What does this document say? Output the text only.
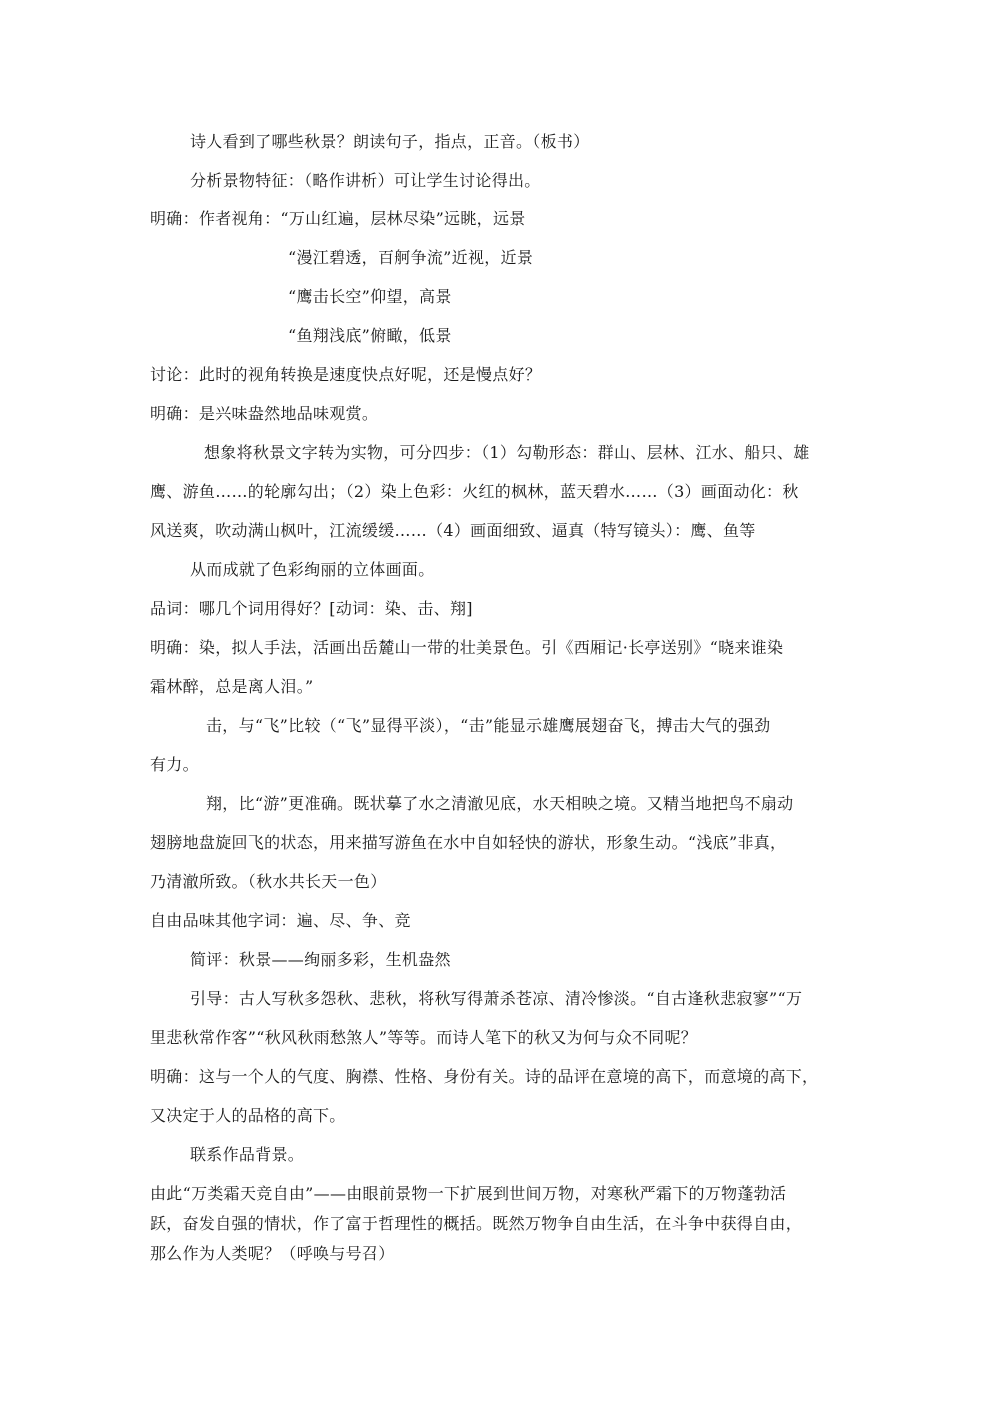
诗人看到了哪些秋景？朗读句子，指点，正音。（板书）
分析景物特征：（略作讲析）可让学生讨论得出。
明确：作者视角：“万山红遍，层林尽染”远眺，远景
“漫江碧透，百舸争流”近视，近景
“鹰击长空”仰望，高景
“鱼翔浅底”俯瞰，低景
讨论：此时的视角转换是速度快点好呢，还是慢点好？
明确：是兴味盎然地品味观赏。
想象将秋景文字转为实物，可分四步：（1）勾勒形态：群山、层林、江水、船只、雄
鹰、游鱼……的轮廓勾出；（2）染上色彩：火红的枫林，蓝天碧水……（3）画面动化：秋
风送爽，吹动满山枫叶，江流缓缓……（4）画面细致、逼真（特写镜头）：鹰、鱼等
从而成就了色彩绚丽的立体画面。
品词：哪几个词用得好？[动词：染、击、翔]
明确：染，拟人手法，活画出岳麓山一带的壮美景色。引《西厢记·长亭送别》“晓来谁染
霜林醉，总是离人泪。”
击，与“飞”比较（“飞”显得平淡），“击”能显示雄鹰展翅奋飞，搏击大气的强劲
有力。
翔，比“游”更准确。既状摹了水之清澈见底，水天相映之境。又精当地把鸟不扇动
翅膀地盘旋回飞的状态，用来描写游鱼在水中自如轻快的游状，形象生动。“浅底”非真，
乃清澈所致。（秋水共长天一色）
自由品味其他字词：遍、尽、争、竞
简评：秋景——绚丽多彩，生机盎然
引导：古人写秋多怨秋、悲秋，将秋写得萧杀苍凉、清冷惨淡。“自古逢秋悲寂寥”“万
里悲秋常作客”“秋风秋雨愁煞人”等等。而诗人笔下的秋又为何与众不同呢？
明确：这与一个人的气度、胸襟、性格、身份有关。诗的品评在意境的高下，而意境的高下，
又决定于人的品格的高下。
联系作品背景。
由此“万类霜天竞自由”——由眼前景物一下扩展到世间万物，对寒秋严霜下的万物蓬勃活
跃，奋发自强的情状，作了富于哲理性的概括。既然万物争自由生活，在斗争中获得自由，
那么作为人类呢？（呼唤与号召）
